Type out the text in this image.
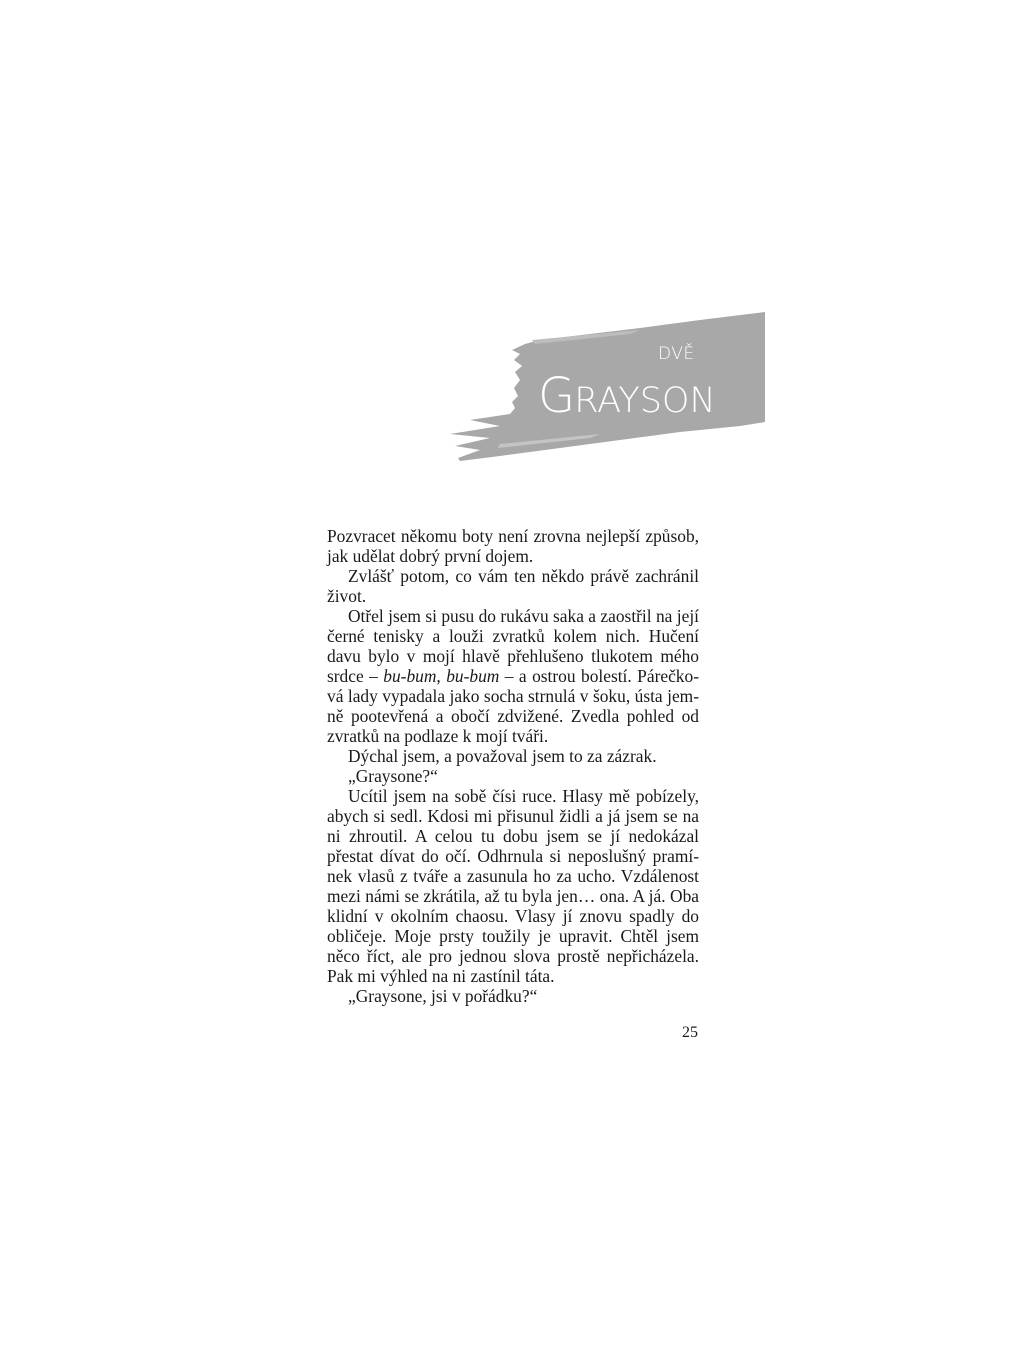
DVĚ
GRAYSON

Pozvracet někomu boty není zrovna nejlepší způsob, jak udělat dobrý první dojem.

Zvlášť potom, co vám ten někdo právě zachránil život.

Otřel jsem si pusu do rukávu saka a zaostřil na její černé tenisky a louži zvratků kolem nich. Hučení davu bylo v mojí hlavě přehlušeno tlukotem mého srdce – bu-bum, bu-bum – a ostrou bolestí. Párečková lady vypadala jako socha strnulá v šoku, ústa jemně pootevřená a obočí zdvižené. Zvedla pohled od zvratků na podlaze k mojí tváři.

Dýchal jsem, a považoval jsem to za zázrak.

„Graysone?“

Ucítil jsem na sobě čísi ruce. Hlasy mě pobízely, abych si sedl. Kdosi mi přisunul židli a já jsem se na ni zhroutil. A celou tu dobu jsem se jí nedokázal přestat dívat do očí. Odhrnula si neposlušný pramínek vlasů z tváře a zasunula ho za ucho. Vzdálenost mezi námi se zkrátila, až tu byla jen… ona. A já. Oba klidní v okolním chaosu. Vlasy jí znovu spadly do obličeje. Moje prsty toužily je upravit. Chtěl jsem něco říct, ale pro jednou slova prostě nepřicházela. Pak mi výhled na ni zastínil táta.

„Graysone, jsi v pořádku?“

25
